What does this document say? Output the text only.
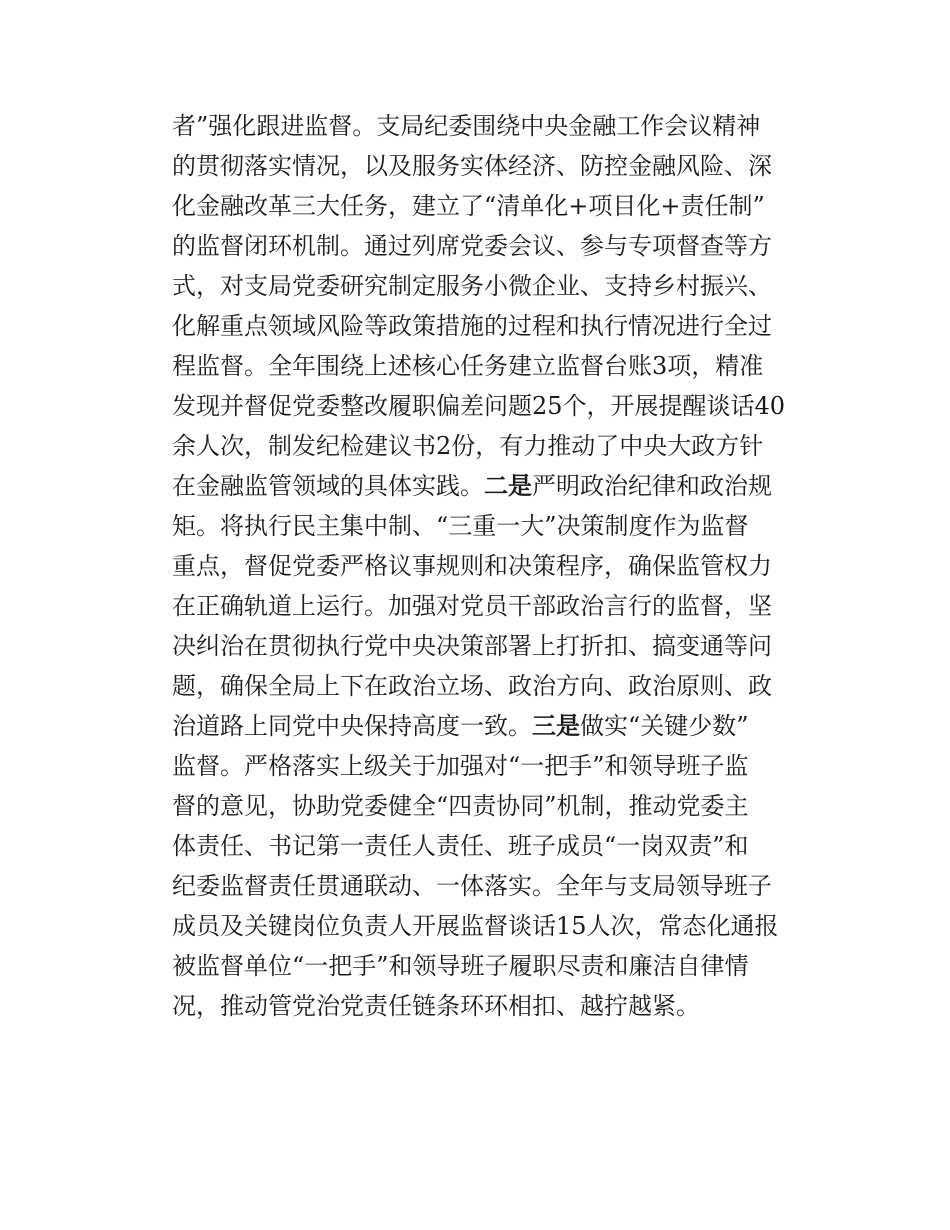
者”强化跟进监督。支局纪委围绕中央金融工作会议精神
的贯彻落实情况，以及服务实体经济、防控金融风险、深
化金融改革三大任务，建立了“清单化+项目化+责任制”
的监督闭环机制。通过列席党委会议、参与专项督查等方
式，对支局党委研究制定服务小微企业、支持乡村振兴、
化解重点领域风险等政策措施的过程和执行情况进行全过
程监督。全年围绕上述核心任务建立监督台账3项，精准
发现并督促党委整改履职偏差问题25个，开展提醒谈话40
余人次，制发纪检建议书2份，有力推动了中央大政方针
在金融监管领域的具体实践。二是严明政治纪律和政治规
矩。将执行民主集中制、“三重一大”决策制度作为监督
重点，督促党委严格议事规则和决策程序，确保监管权力
在正确轨道上运行。加强对党员干部政治言行的监督，坚
决纠治在贯彻执行党中央决策部署上打折扣、搞变通等问
题，确保全局上下在政治立场、政治方向、政治原则、政
治道路上同党中央保持高度一致。三是做实“关键少数”
监督。严格落实上级关于加强对“一把手”和领导班子监
督的意见，协助党委健全“四责协同”机制，推动党委主
体责任、书记第一责任人责任、班子成员“一岗双责”和
纪委监督责任贯通联动、一体落实。全年与支局领导班子
成员及关键岗位负责人开展监督谈话15人次，常态化通报
被监督单位“一把手”和领导班子履职尽责和廉洁自律情
况，推动管党治党责任链条环环相扣、越拧越紧。
